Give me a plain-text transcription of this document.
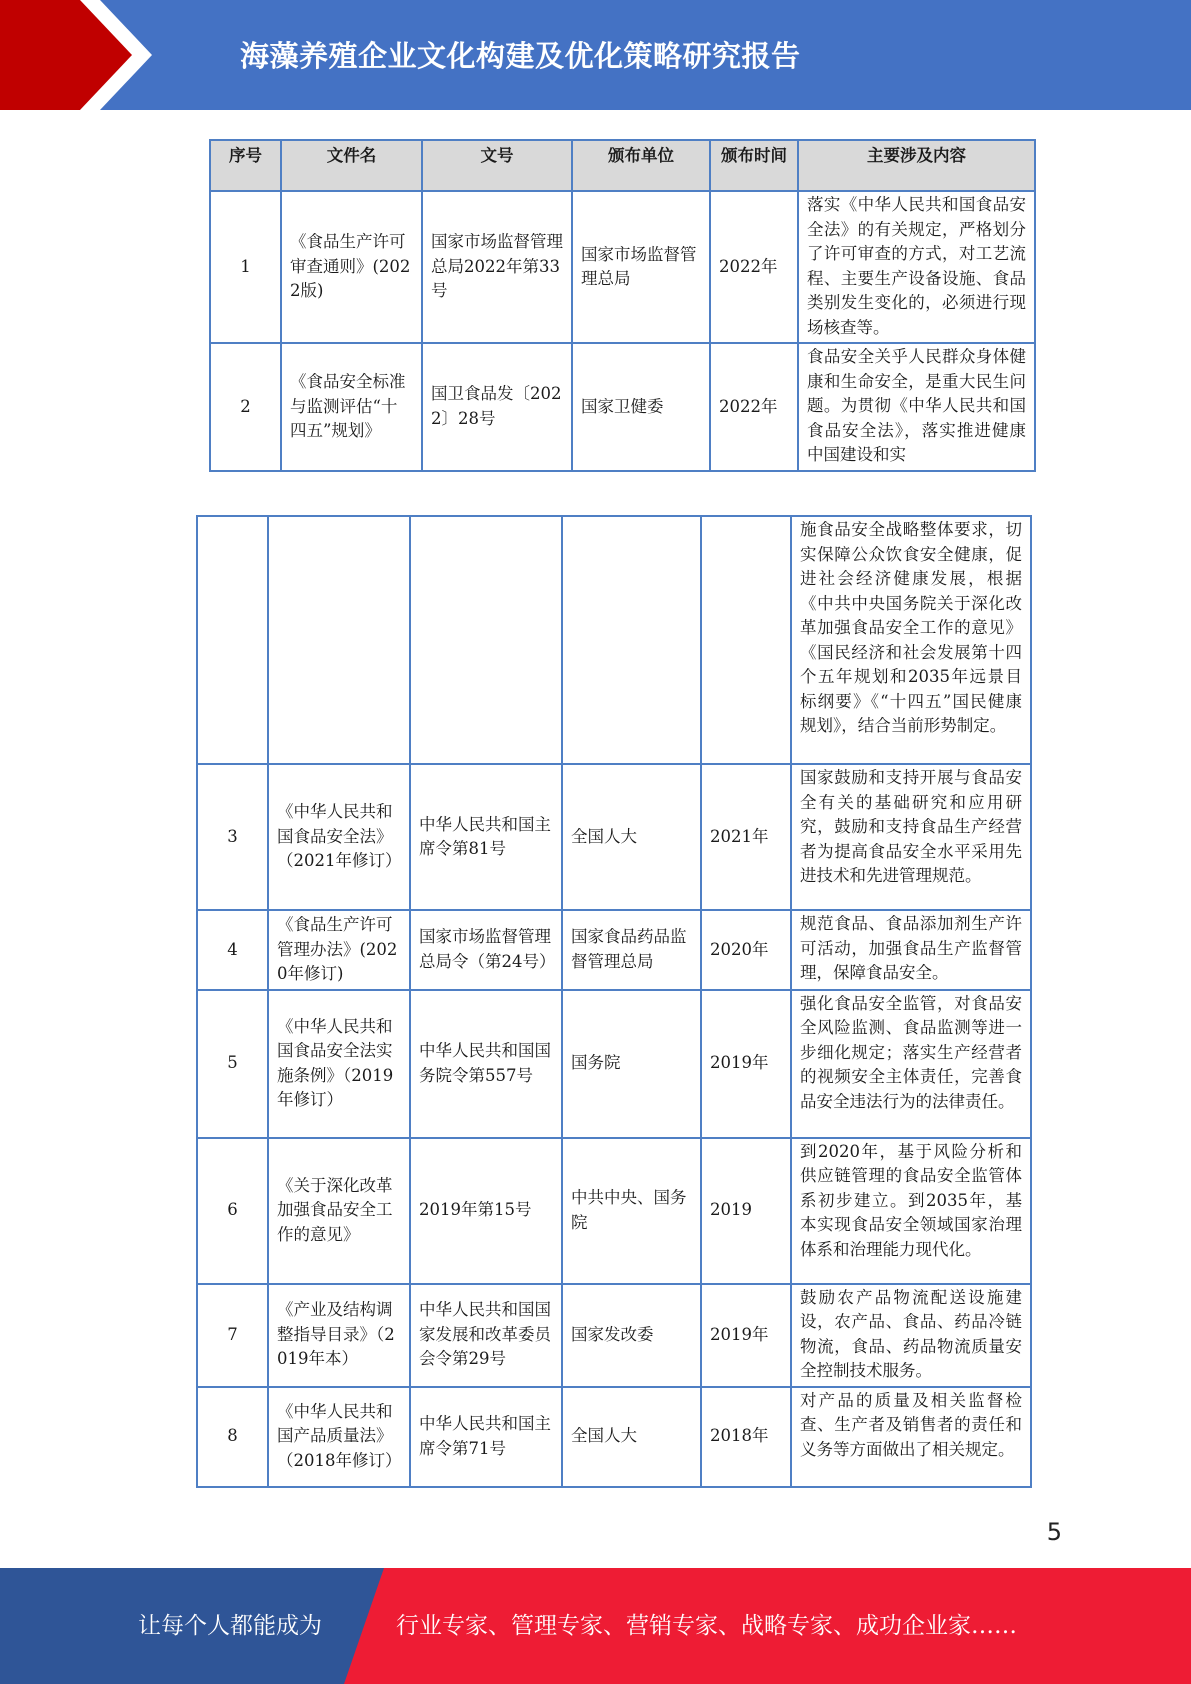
海藻养殖企业文化构建及优化策略研究报告
序号	文件名	文号	颁布单位	颁布时间	主要涉及内容
1	《食品生产许可审查通则》(2022版)	国家市场监督管理总局2022年第33号	国家市场监督管理总局	2022年	落实《中华人民共和国食品安全法》的有关规定，严格划分了许可审查的方式，对工艺流程、主要生产设备设施、食品类别发生变化的，必须进行现场核查等。
2	《食品安全标准与监测评估“十四五”规划》	国卫食品发〔2022〕28号	国家卫健委	2022年	食品安全关乎人民群众身体健康和生命安全，是重大民生问题。为贯彻《中华人民共和国食品安全法》，落实推进健康中国建设和实
					施食品安全战略整体要求，切实保障公众饮食安全健康，促进社会经济健康发展，根据《中共中央国务院关于深化改革加强食品安全工作的意见》《国民经济和社会发展第十四个五年规划和2035年远景目标纲要》《“十四五”国民健康规划》，结合当前形势制定。
3	《中华人民共和国食品安全法》（2021年修订）	中华人民共和国主席令第81号	全国人大	2021年	国家鼓励和支持开展与食品安全有关的基础研究和应用研究，鼓励和支持食品生产经营者为提高食品安全水平采用先进技术和先进管理规范。
4	《食品生产许可管理办法》(2020年修订)	国家市场监督管理总局令（第24号）	国家食品药品监督管理总局	2020年	规范食品、食品添加剂生产许可活动，加强食品生产监督管理，保障食品安全。
5	《中华人民共和国食品安全法实施条例》（2019年修订）	中华人民共和国国务院令第557号	国务院	2019年	强化食品安全监管，对食品安全风险监测、食品监测等进一步细化规定；落实生产经营者的视频安全主体责任，完善食品安全违法行为的法律责任。
6	《关于深化改革加强食品安全工作的意见》	2019年第15号	中共中央、国务院	2019	到2020年，基于风险分析和供应链管理的食品安全监管体系初步建立。到2035年，基本实现食品安全领域国家治理体系和治理能力现代化。
7	《产业及结构调整指导目录》（2019年本）	中华人民共和国国家发展和改革委员会令第29号	国家发改委	2019年	鼓励农产品物流配送设施建设，农产品、食品、药品冷链物流，食品、药品物流质量安全控制技术服务。
8	《中华人民共和国产品质量法》（2018年修订）	中华人民共和国主席令第71号	全国人大	2018年	对产品的质量及相关监督检查、生产者及销售者的责任和义务等方面做出了相关规定。
5
让每个人都能成为	行业专家、管理专家、营销专家、战略专家、成功企业家……
